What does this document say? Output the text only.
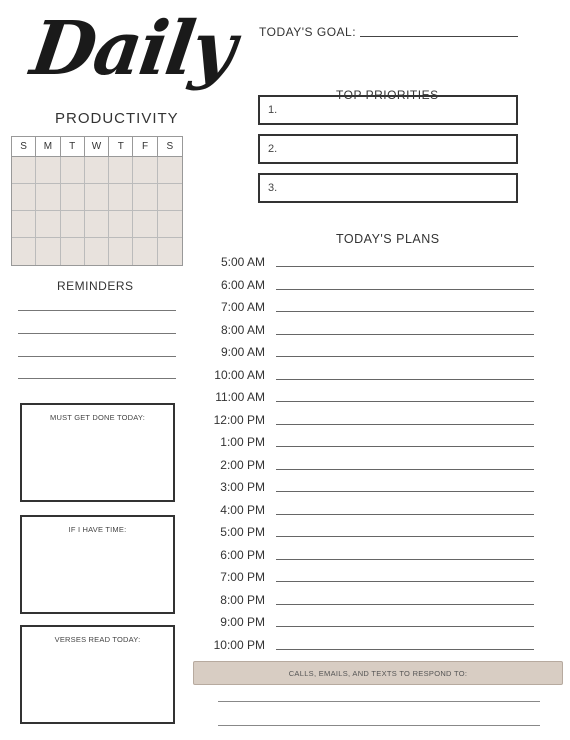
Daily
PRODUCTIVITY
TODAY'S GOAL:
TOP PRIORITIES
1.
2.
3.
S	M	T	W	T	F	S
REMINDERS
MUST GET DONE TODAY:
IF I HAVE TIME:
VERSES READ TODAY:
TODAY'S PLANS
5:00 AM
6:00 AM
7:00 AM
8:00 AM
9:00 AM
10:00 AM
11:00 AM
12:00 PM
1:00 PM
2:00 PM
3:00 PM
4:00 PM
5:00 PM
6:00 PM
7:00 PM
8:00 PM
9:00 PM
10:00 PM
CALLS, EMAILS, AND TEXTS TO RESPOND TO:
